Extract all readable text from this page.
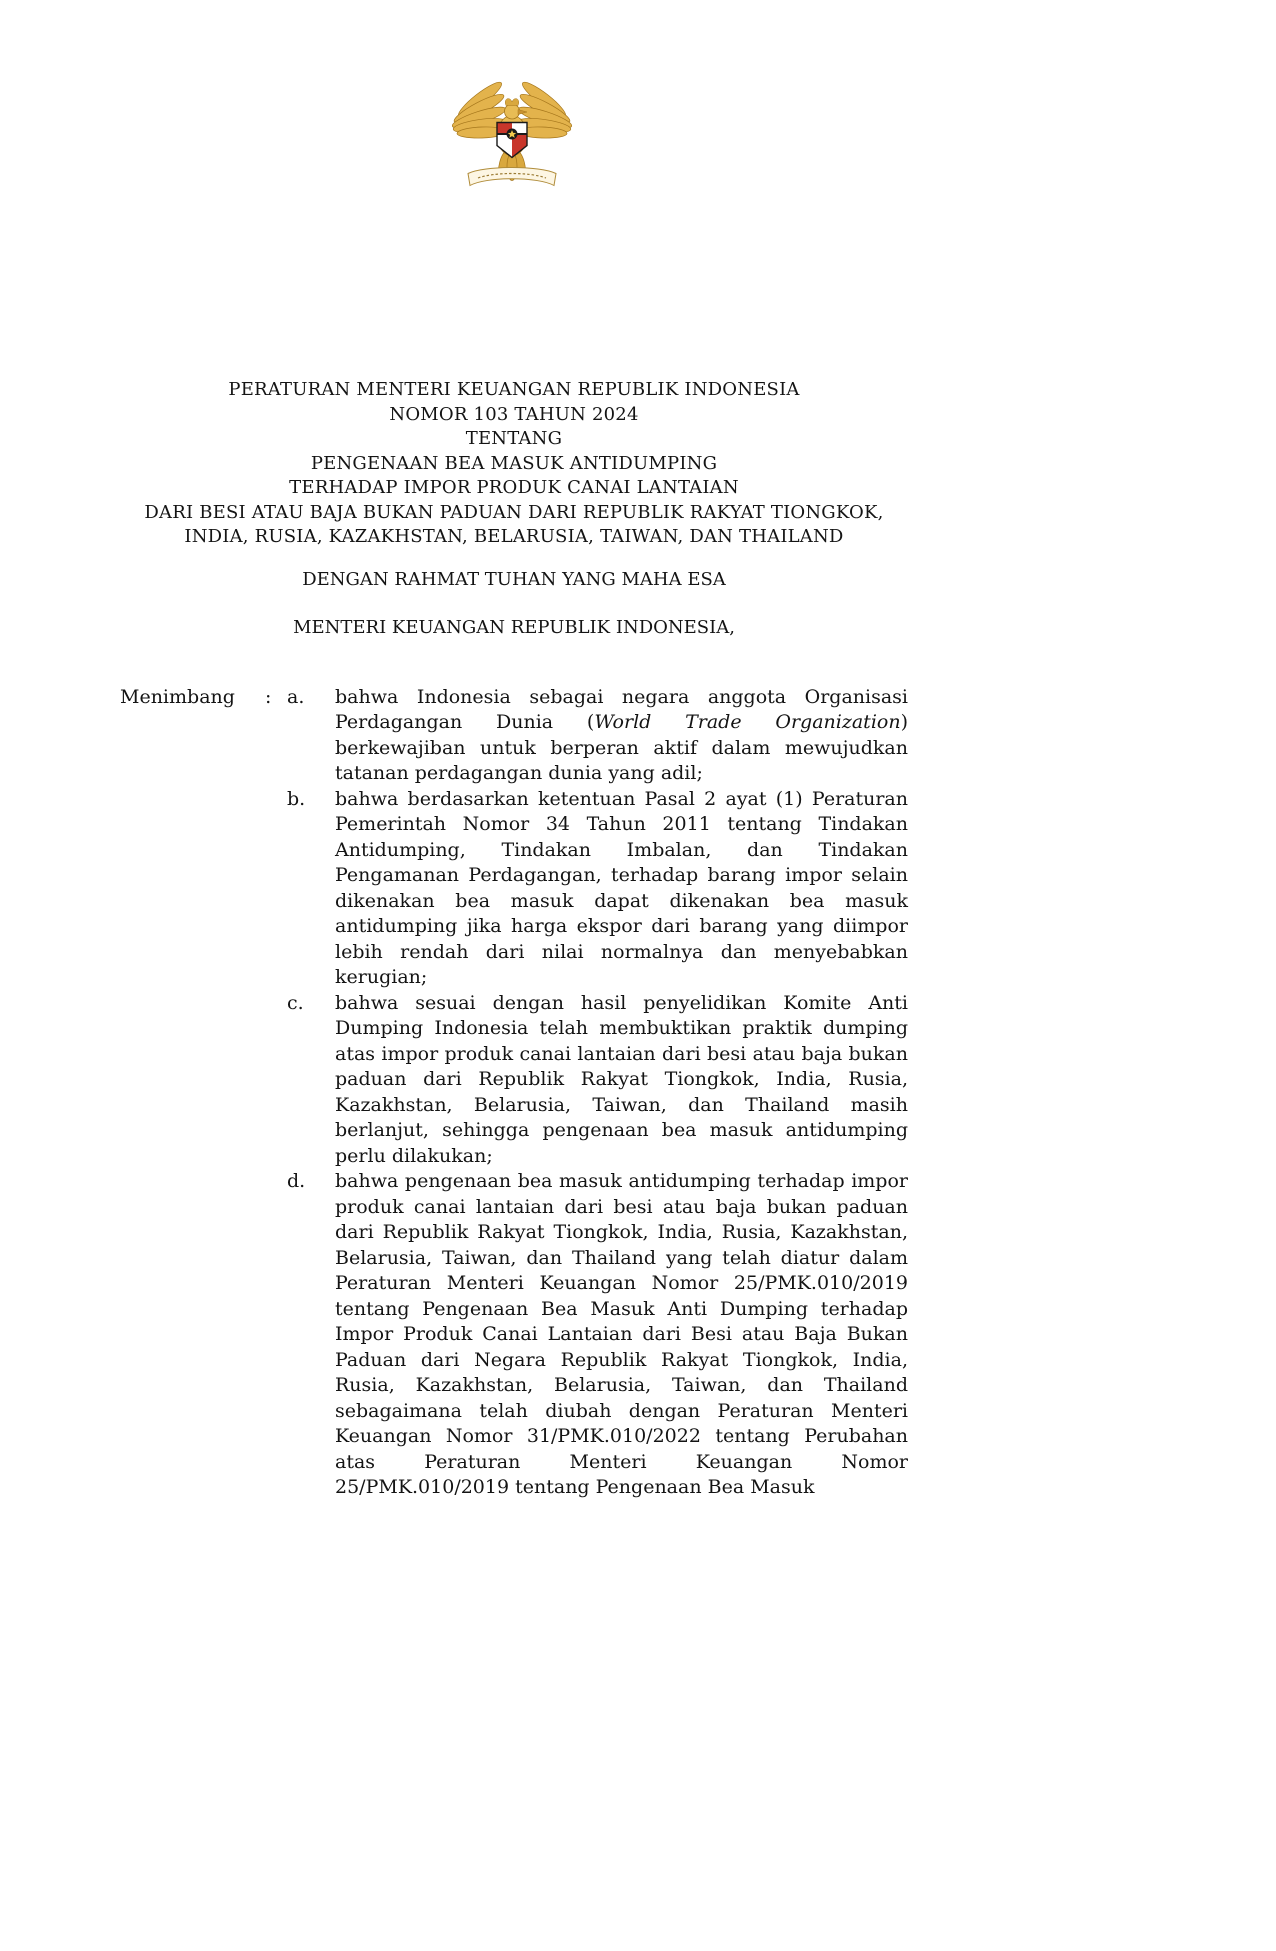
PERATURAN MENTERI KEUANGAN REPUBLIK INDONESIA
NOMOR 103 TAHUN 2024
TENTANG
PENGENAAN BEA MASUK ANTIDUMPING
TERHADAP IMPOR PRODUK CANAI LANTAIAN
DARI BESI ATAU BAJA BUKAN PADUAN DARI REPUBLIK RAKYAT TIONGKOK,
INDIA, RUSIA, KAZAKHSTAN, BELARUSIA, TAIWAN, DAN THAILAND
DENGAN RAHMAT TUHAN YANG MAHA ESA
MENTERI KEUANGAN REPUBLIK INDONESIA,
Menimbang	: a.	bahwa Indonesia sebagai negara anggota Organisasi Perdagangan Dunia (World Trade Organization) berkewajiban untuk berperan aktif dalam mewujudkan tatanan perdagangan dunia yang adil;
b.	bahwa berdasarkan ketentuan Pasal 2 ayat (1) Peraturan Pemerintah Nomor 34 Tahun 2011 tentang Tindakan Antidumping, Tindakan Imbalan, dan Tindakan Pengamanan Perdagangan, terhadap barang impor selain dikenakan bea masuk dapat dikenakan bea masuk antidumping jika harga ekspor dari barang yang diimpor lebih rendah dari nilai normalnya dan menyebabkan kerugian;
c.	bahwa sesuai dengan hasil penyelidikan Komite Anti Dumping Indonesia telah membuktikan praktik dumping atas impor produk canai lantaian dari besi atau baja bukan paduan dari Republik Rakyat Tiongkok, India, Rusia, Kazakhstan, Belarusia, Taiwan, dan Thailand masih berlanjut, sehingga pengenaan bea masuk antidumping perlu dilakukan;
d.	bahwa pengenaan bea masuk antidumping terhadap impor produk canai lantaian dari besi atau baja bukan paduan dari Republik Rakyat Tiongkok, India, Rusia, Kazakhstan, Belarusia, Taiwan, dan Thailand yang telah diatur dalam Peraturan Menteri Keuangan Nomor 25/PMK.010/2019 tentang Pengenaan Bea Masuk Anti Dumping terhadap Impor Produk Canai Lantaian dari Besi atau Baja Bukan Paduan dari Negara Republik Rakyat Tiongkok, India, Rusia, Kazakhstan, Belarusia, Taiwan, dan Thailand sebagaimana telah diubah dengan Peraturan Menteri Keuangan Nomor 31/PMK.010/2022 tentang Perubahan atas Peraturan Menteri Keuangan Nomor 25/PMK.010/2019 tentang Pengenaan Bea Masuk
